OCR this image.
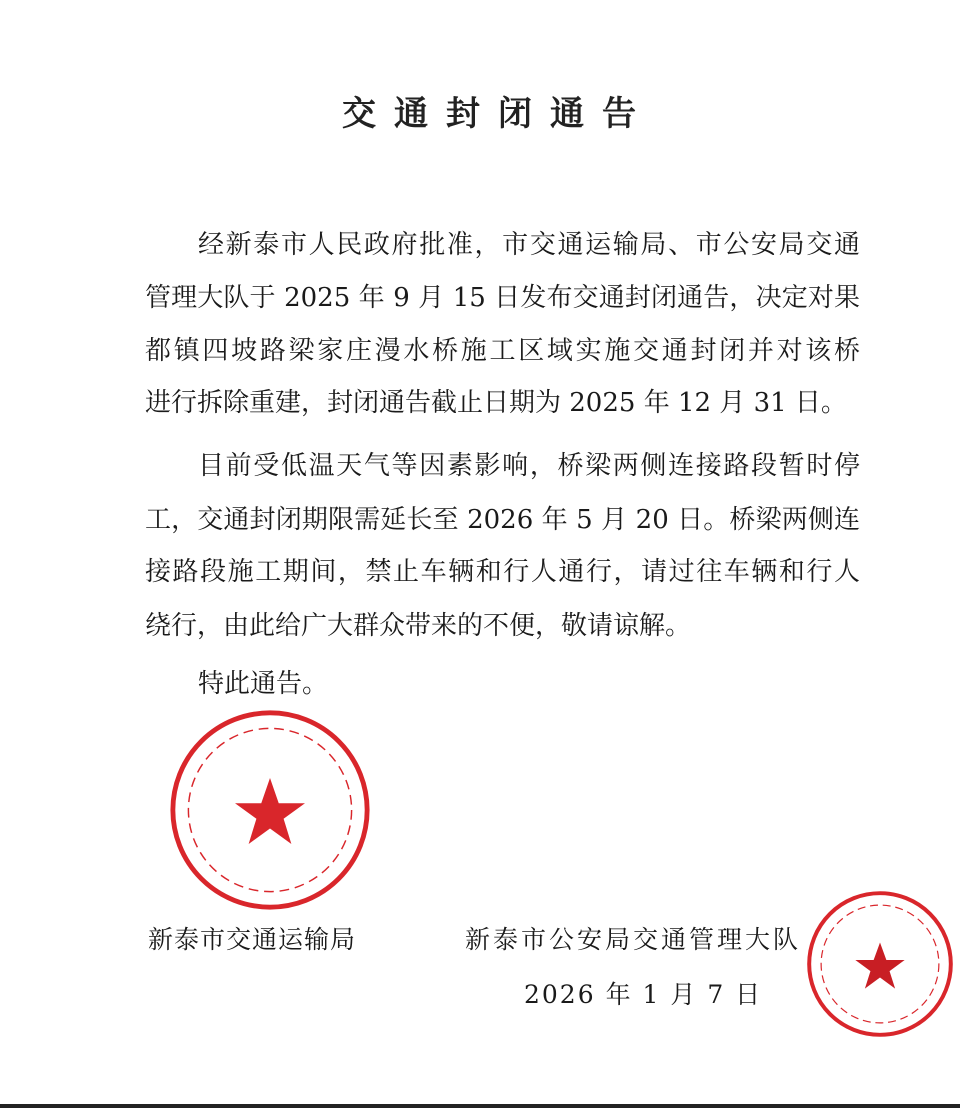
交通封闭通告
经新泰市人民政府批准，市交通运输局、市公安局交通
管理大队于 2025 年 9 月 15 日发布交通封闭通告，决定对果
都镇四坡路梁家庄漫水桥施工区域实施交通封闭并对该桥
进行拆除重建，封闭通告截止日期为 2025 年 12 月 31 日。
目前受低温天气等因素影响，桥梁两侧连接路段暂时停
工，交通封闭期限需延长至 2026 年 5 月 20 日。桥梁两侧连
接路段施工期间，禁止车辆和行人通行，请过往车辆和行人
绕行，由此给广大群众带来的不便，敬请谅解。
特此通告。
新泰市交通运输局	新泰市公安局交通管理大队
2026 年 1 月 7 日
